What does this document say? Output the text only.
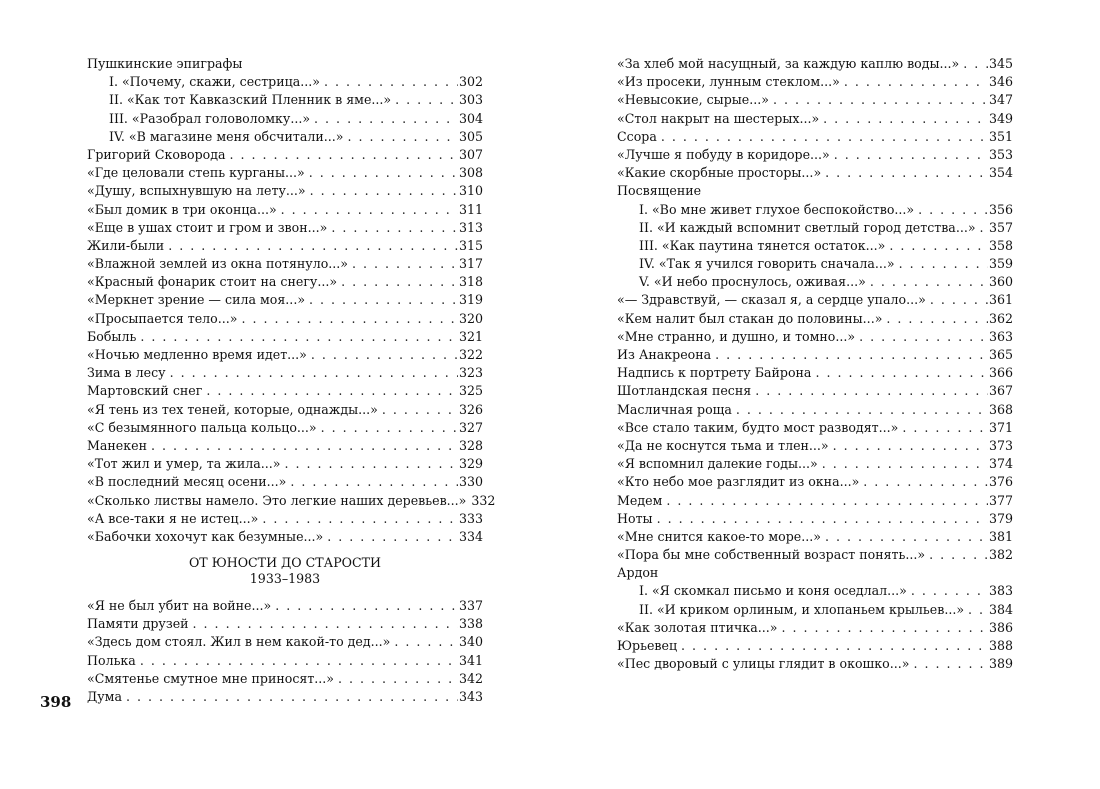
Пушкинские эпиграфы
I. «Почему, скажи, сестрица...» . . .	302
II. «Как тот Кавказский Пленник в яме...» . . .	303
III. «Разобрал головоломку...» . . .	304
IV. «В магазине меня обсчитали...» . . .	305
Григорий Сковорода . . .	307
«Где целовали степь курганы...» . . .	308
«Душу, вспыхнувшую на лету...» . . .	310
«Был домик в три оконца...» . . .	311
«Еще в ушах стоит и гром и звон...» . . .	313
Жили-были . . .	315
«Влажной землей из окна потянуло...» . . .	317
«Красный фонарик стоит на снегу...» . . .	318
«Меркнет зрение — сила моя...» . . .	319
«Просыпается тело...» . . .	320
Бобыль . . .	321
«Ночью медленно время идет...» . . .	322
Зима в лесу . . .	323
Мартовский снег . . .	325
«Я тень из тех теней, которые, однажды...» . . .	326
«С безымянного пальца кольцо...» . . .	327
Манекен . . .	328
«Тот жил и умер, та жила...» . . .	329
«В последний месяц осени...» . . .	330
«Сколько листвы намело. Это легкие наших деревьев...» 332
«А все-таки я не истец...» . . .	333
«Бабочки хохочут как безумные...» . . .	334
ОТ ЮНОСТИ ДО СТАРОСТИ
1933–1983
«Я не был убит на войне...» . . .	337
Памяти друзей . . .	338
«Здесь дом стоял. Жил в нем какой-то дед...» . . .	340
Полька . . .	341
«Смятенье смутное мне приносят...» . . .	342
Дума . . .	343
398
«За хлеб мой насущный, за каждую каплю воды...» . . . 345
«Из просеки, лунным стеклом...» . . .	346
«Невысокие, сырые...» . . .	347
«Стол накрыт на шестерых...» . . .	349
Ссора . . .	351
«Лучше я побуду в коридоре...» . . .	353
«Какие скорбные просторы...» . . .	354
Посвящение
I. «Во мне живет глухое беспокойство...» . . .	356
II. «И каждый вспомнит светлый город детства...» . . . 357
III. «Как паутина тянется остаток...» . . .	358
IV. «Так я учился говорить сначала...» . . .	359
V. «И небо проснулось, оживая...» . . .	360
«— Здравствуй, — сказал я, а сердце упало...» . . .	361
«Кем налит был стакан до половины...» . . .	362
«Мне странно, и душно, и томно...» . . .	363
Из Анакреона . . .	365
Надпись к портрету Байрона . . .	366
Шотландская песня . . .	367
Масличная роща . . .	368
«Все стало таким, будто мост разводят...» . . .	371
«Да не коснутся тьма и тлен...» . . .	373
«Я вспомнил далекие годы...» . . .	374
«Кто небо мое разглядит из окна...» . . .	376
Медем . . .	377
Ноты . . .	379
«Мне снится какое-то море...» . . .	381
«Пора бы мне собственный возраст понять...» . . .	382
Ардон
I. «Я скомкал письмо и коня оседлал...» . . .	383
II. «И криком орлиным, и хлопаньем крыльев...» . . . 384
«Как золотая птичка...» . . .	386
Юрьевец . . .	388
«Пес дворовый с улицы глядит в окошко...» . . .	389
